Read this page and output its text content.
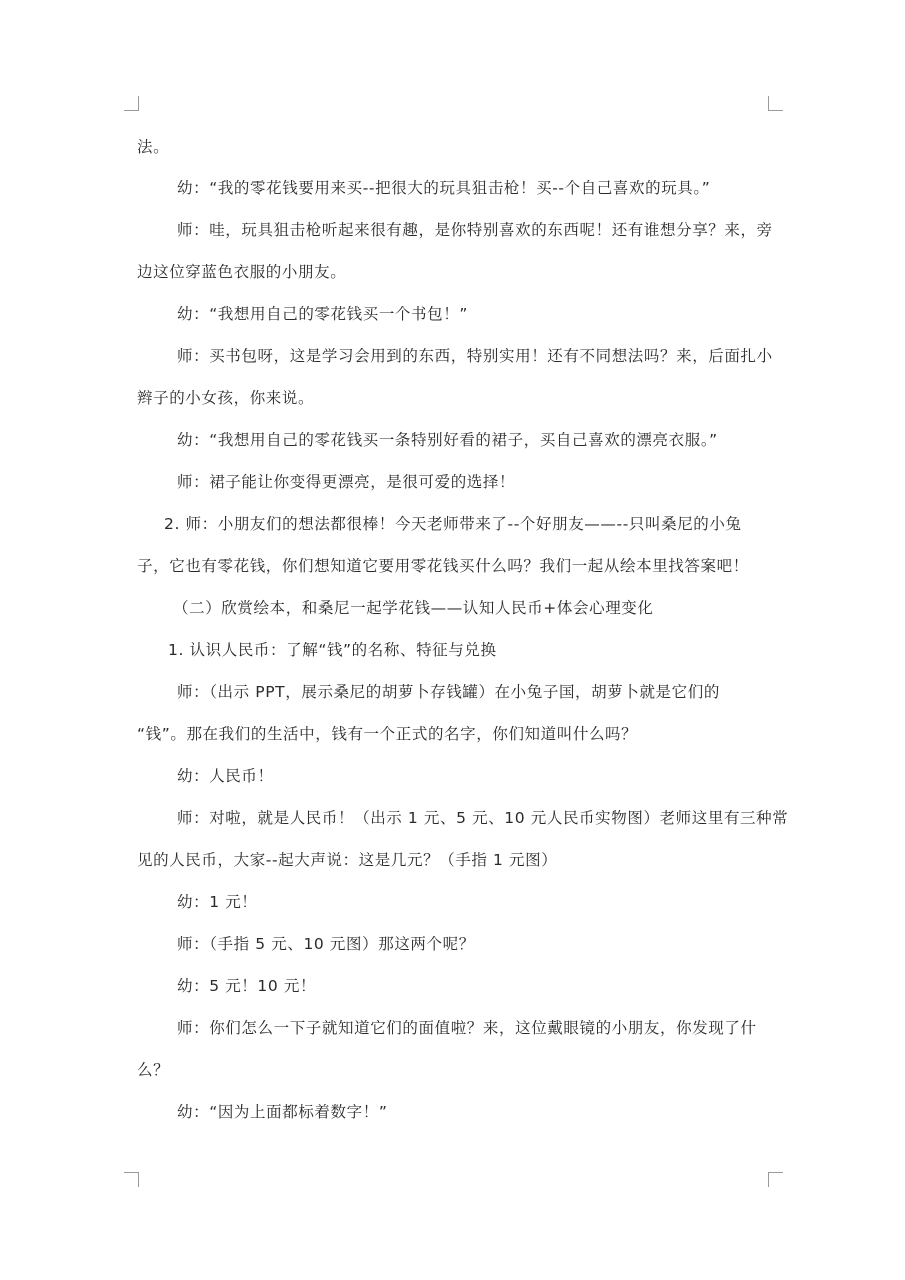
法。
幼：“我的零花钱要用来买--把很大的玩具狙击枪！买--个自己喜欢的玩具。”
师：哇，玩具狙击枪听起来很有趣，是你特别喜欢的东西呢！还有谁想分享？来，旁
边这位穿蓝色衣服的小朋友。
幼：“我想用自己的零花钱买一个书包！”
师：买书包呀，这是学习会用到的东西，特别实用！还有不同想法吗？来，后面扎小
辫子的小女孩，你来说。
幼：“我想用自己的零花钱买一条特别好看的裙子，买自己喜欢的漂亮衣服。”
师：裙子能让你变得更漂亮，是很可爱的选择！
2. 师：小朋友们的想法都很棒！今天老师带来了--个好朋友——--只叫桑尼的小兔
子，它也有零花钱，你们想知道它要用零花钱买什么吗？我们一起从绘本里找答案吧！
（二）欣赏绘本，和桑尼一起学花钱——认知人民币+体会心理变化
1. 认识人民币：了解“钱”的名称、特征与兑换
师：（出示 PPT，展示桑尼的胡萝卜存钱罐）在小兔子国，胡萝卜就是它们的
“钱”。那在我们的生活中，钱有一个正式的名字，你们知道叫什么吗？
幼：人民币！
师：对啦，就是人民币！（出示 1 元、5 元、10 元人民币实物图）老师这里有三种常
见的人民币，大家--起大声说：这是几元？（手指 1 元图）
幼：1 元！
师：（手指 5 元、10 元图）那这两个呢？
幼：5 元！10 元！
师：你们怎么一下子就知道它们的面值啦？来，这位戴眼镜的小朋友，你发现了什
么？
幼：“因为上面都标着数字！”
